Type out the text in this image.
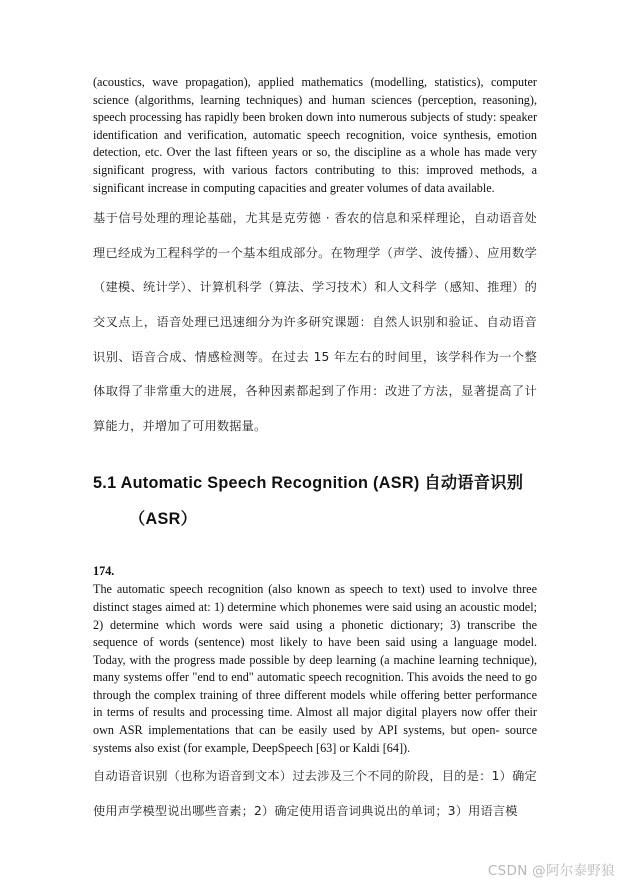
(acoustics, wave propagation), applied mathematics (modelling, statistics), computer science (algorithms, learning techniques) and human sciences (perception, reasoning), speech processing has rapidly been broken down into numerous subjects of study: speaker identification and verification, automatic speech recognition, voice synthesis, emotion detection, etc. Over the last fifteen years or so, the discipline as a whole has made very significant progress, with various factors contributing to this: improved methods, a significant increase in computing capacities and greater volumes of data available.

基于信号处理的理论基础，尤其是克劳德 · 香农的信息和采样理论，自动语音处理已经成为工程科学的一个基本组成部分。在物理学（声学、波传播）、应用数学（建模、统计学）、计算机科学（算法、学习技术）和人文科学（感知、推理）的交叉点上，语音处理已迅速细分为许多研究课题：自然人识别和验证、自动语音识别、语音合成、情感检测等。在过去 15 年左右的时间里，该学科作为一个整体取得了非常重大的进展，各种因素都起到了作用：改进了方法，显著提高了计算能力，并增加了可用数据量。

5.1 Automatic Speech Recognition (ASR) 自动语音识别
（ASR）
174.

The automatic speech recognition (also known as speech to text) used to involve three distinct stages aimed at: 1) determine which phonemes were said using an acoustic model; 2) determine which words were said using a phonetic dictionary; 3) transcribe the sequence of words (sentence) most likely to have been said using a language model. Today, with the progress made possible by deep learning (a machine learning technique), many systems offer "end to end" automatic speech recognition. This avoids the need to go through the complex training of three different models while offering better performance in terms of results and processing time. Almost all major digital players now offer their own ASR implementations that can be easily used by API systems, but open- source systems also exist (for example, DeepSpeech [63] or Kaldi [64]).

自动语音识别（也称为语音到文本）过去涉及三个不同的阶段，目的是：1）确定使用声学模型说出哪些音素；2）确定使用语音词典说出的单词；3）用语言模

CSDN @阿尔泰野狼
